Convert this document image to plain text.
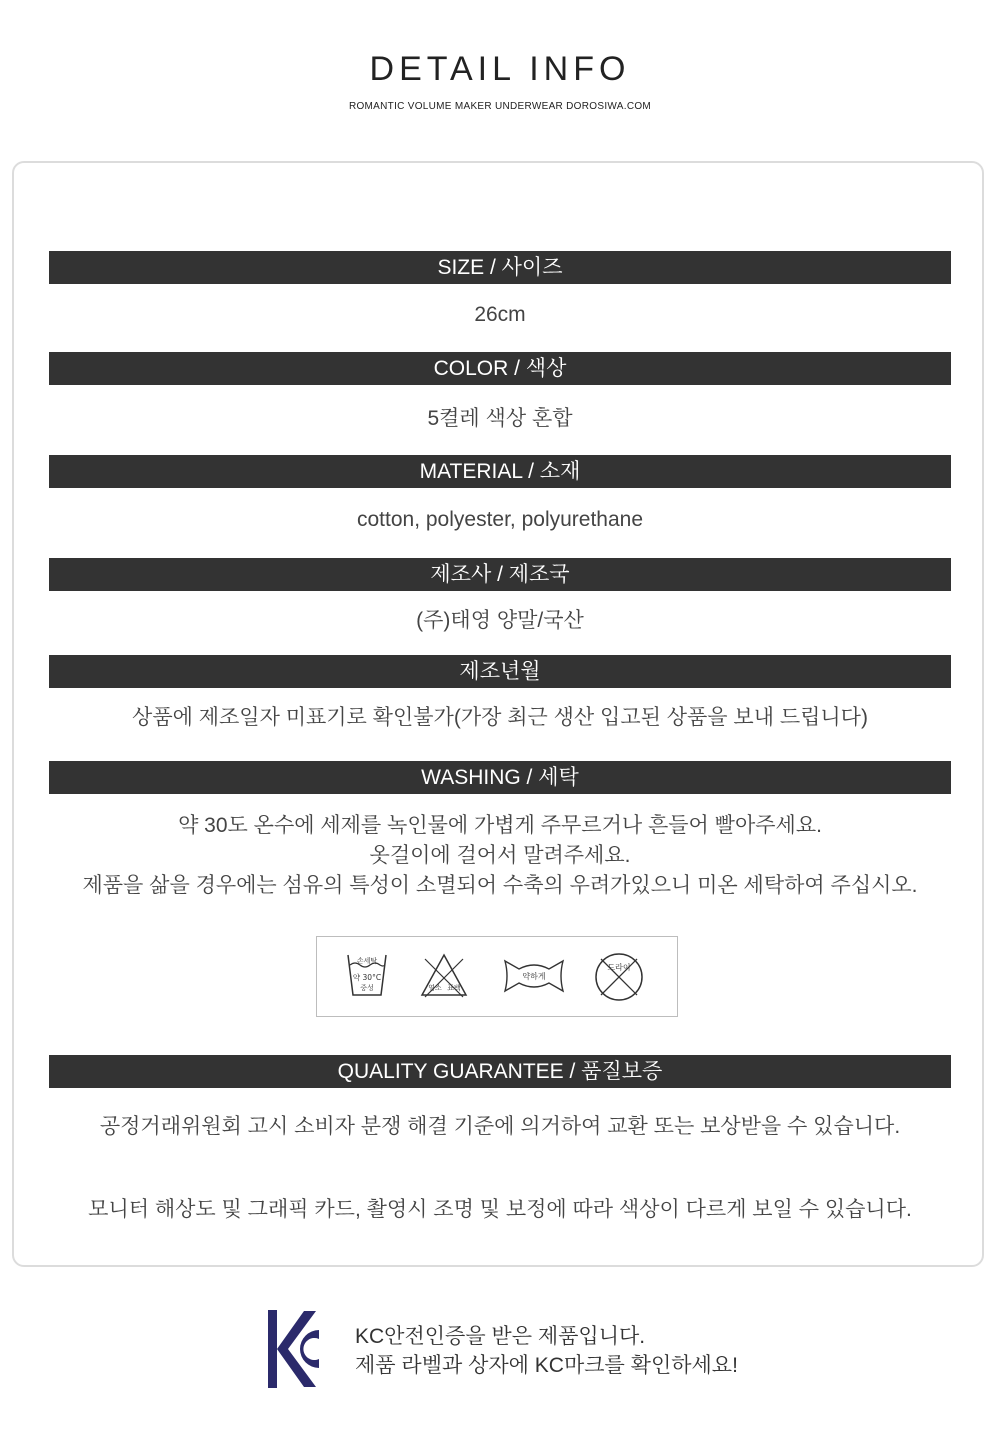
DETAIL INFO
ROMANTIC VOLUME MAKER UNDERWEAR DOROSIWA.COM
SIZE / 사이즈
26cm
COLOR / 색상
5켤레 색상 혼합
MATERIAL / 소재
cotton, polyester, polyurethane
제조사 / 제조국
(주)태영 양말/국산
제조년월
상품에 제조일자 미표기로 확인불가(가장 최근 생산 입고된 상품을 보내 드립니다)
WASHING / 세탁
약 30도 온수에 세제를 녹인물에 가볍게 주무르거나 흔들어 빨아주세요.
옷걸이에 걸어서 말려주세요.
제품을 삶을 경우에는 섬유의 특성이 소멸되어 수축의 우려가있으니 미온 세탁하여 주십시오.
손세탁
약 30°C
중성	염소 표백
약하게
드라이
QUALITY GUARANTEE / 품질보증
공정거래위원회 고시 소비자 분쟁 해결 기준에 의거하여 교환 또는 보상받을 수 있습니다.
모니터 해상도 및 그래픽 카드, 촬영시 조명 및 보정에 따라 색상이 다르게 보일 수 있습니다.
KC안전인증을 받은 제품입니다.
제품 라벨과 상자에 KC마크를 확인하세요!
